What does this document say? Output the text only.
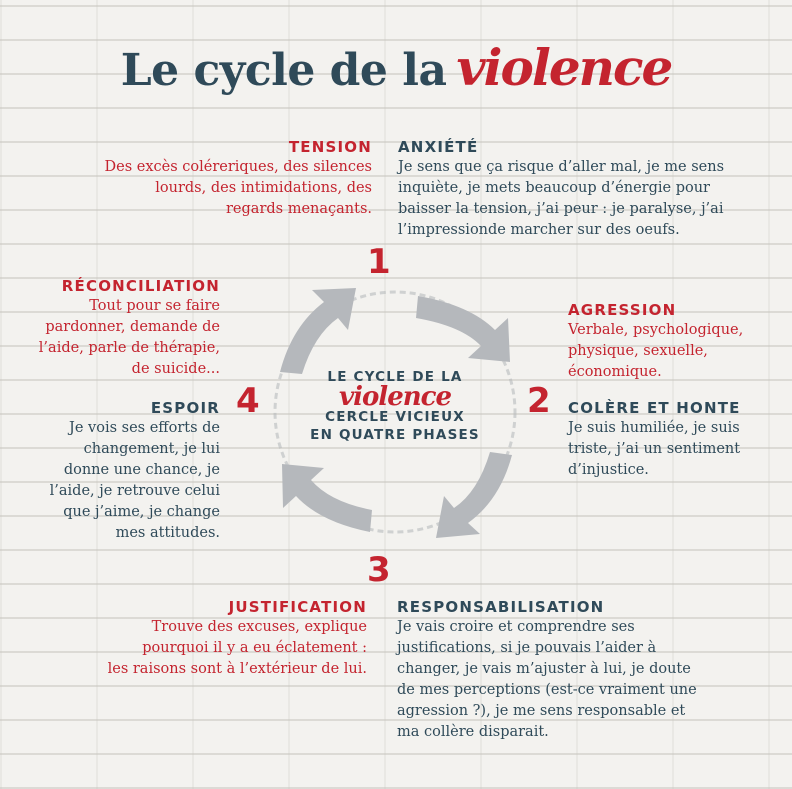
Le cycle de la violence
LE CYCLE DE LA
violence
CERCLE VICIEUX
EN QUATRE PHASES
1
2
3
4
TENSION
Des excès coléreriques, des silences
lourds, des intimidations, des
regards menaçants.
ANXIÉTÉ
Je sens que ça risque d’aller mal, je me sens
inquiète, je mets beaucoup d’énergie pour
baisser la tension, j’ai peur : je paralyse, j’ai
l’impressionde marcher sur des oeufs.
AGRESSION
Verbale, psychologique,
physique, sexuelle,
économique.
COLÈRE ET HONTE
Je suis humiliée, je suis
triste, j’ai un sentiment
d’injustice.
JUSTIFICATION
Trouve des excuses, explique
pourquoi il y a eu éclatement :
les raisons sont à l’extérieur de lui.
RESPONSABILISATION
Je vais croire et comprendre ses
justifications, si je pouvais l’aider à
changer, je vais m’ajuster à lui, je doute
de mes perceptions (est-ce vraiment une
agression ?), je me sens responsable et
ma collère disparait.
RÉCONCILIATION
Tout pour se faire
pardonner, demande de
l’aide, parle de thérapie,
de suicide...
ESPOIR
Je vois ses efforts de
changement, je lui
donne une chance, je
l’aide, je retrouve celui
que j’aime, je change
mes attitudes.
